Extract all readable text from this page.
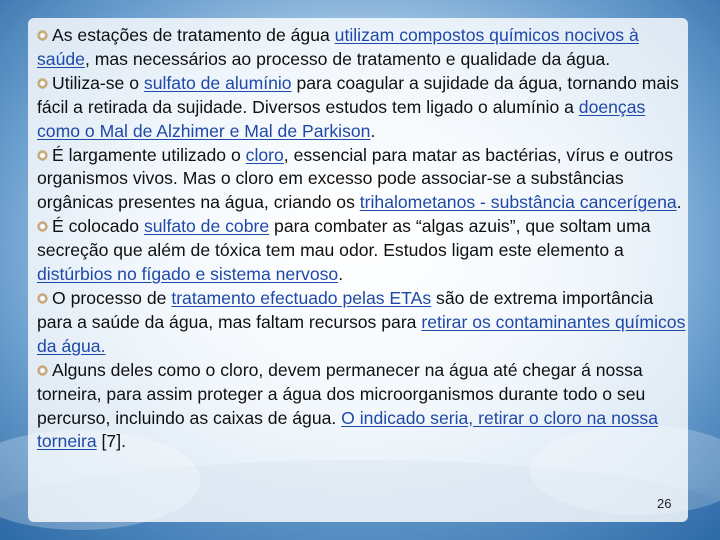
As estações de tratamento de água utilizam compostos químicos nocivos à saúde, mas necessários ao processo de tratamento e qualidade da água.

Utiliza-se o sulfato de alumínio para coagular a sujidade da água, tornando mais fácil a retirada da sujidade. Diversos estudos tem ligado o alumínio a doenças como o Mal de Alzhimer e Mal de Parkison.

É largamente utilizado o cloro, essencial para matar as bactérias, vírus e outros organismos vivos. Mas o cloro em excesso pode associar-se a substâncias orgânicas presentes na água, criando os trihalometanos - substância cancerígena.

É colocado sulfato de cobre para combater as “algas azuis”, que soltam uma secreção que além de tóxica tem mau odor. Estudos ligam este elemento a distúrbios no fígado e sistema nervoso.

O processo de tratamento efectuado pelas ETAs são de extrema importância para a saúde da água, mas faltam recursos para retirar os contaminantes químicos da água.

Alguns deles como o cloro, devem permanecer na água até chegar á nossa torneira, para assim proteger a água dos microorganismos durante todo o seu percurso, incluindo as caixas de água. O indicado seria, retirar o cloro na nossa torneira [7].

26
